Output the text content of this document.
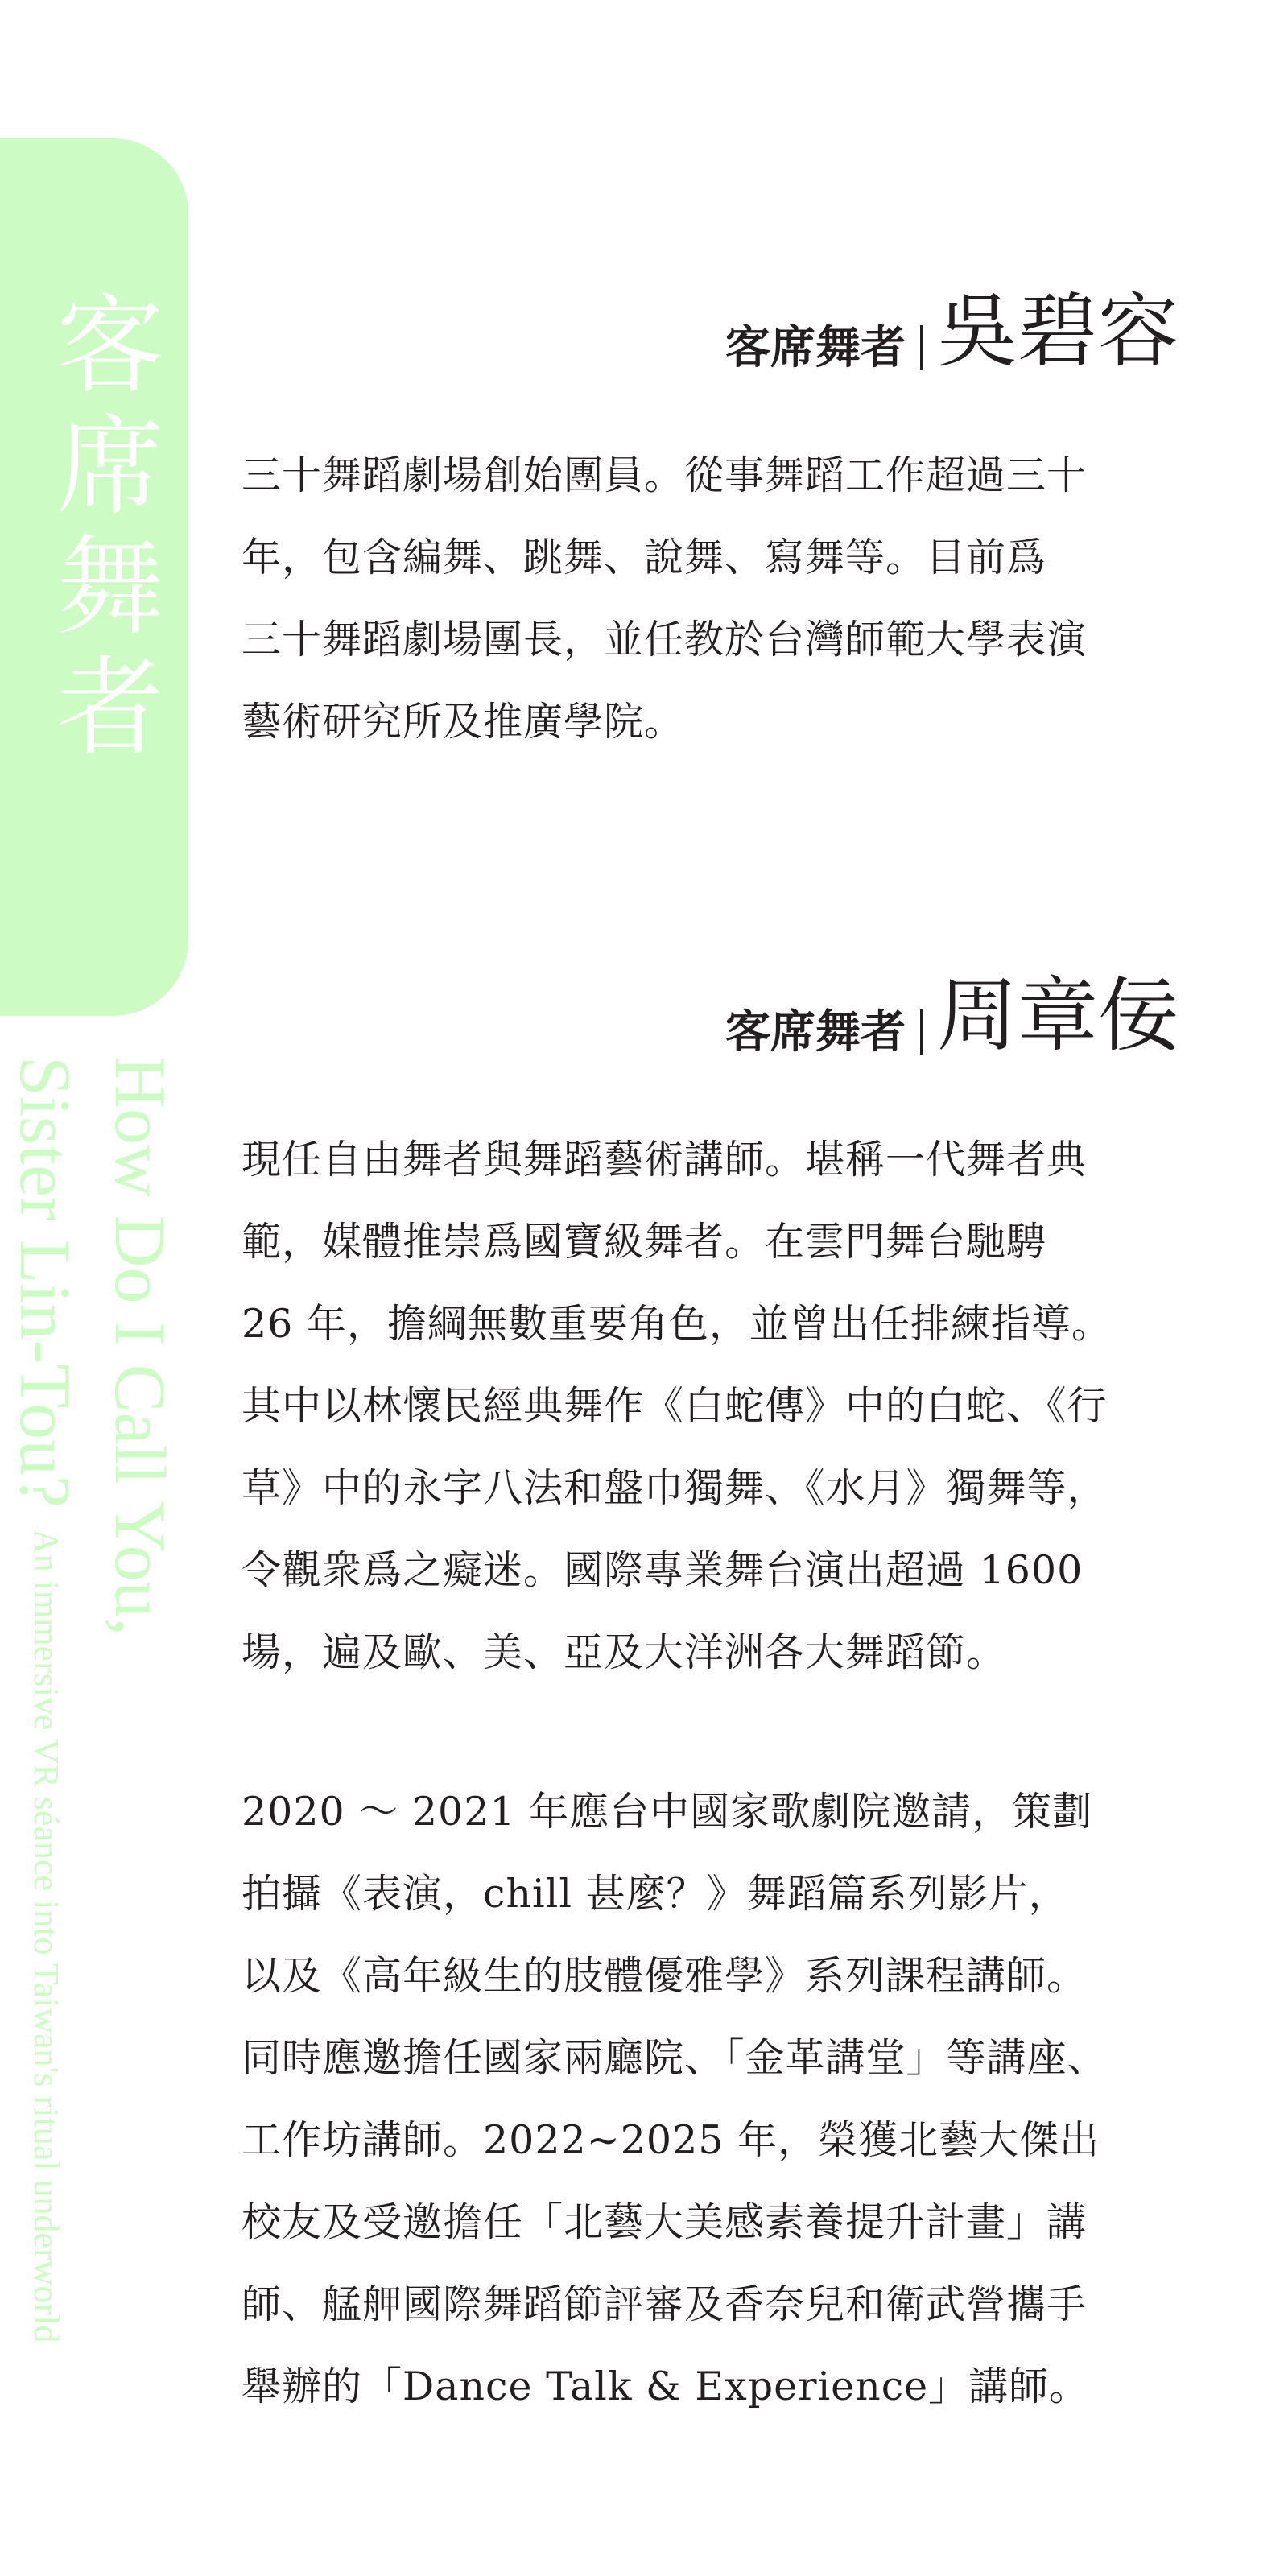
客席
舞者
How Do I Call You,
Sister Lin-Tou?
An immersive VR séance into Taiwan's ritual underworld
客席舞者 吳碧容
三十舞蹈劇場創始團員。從事舞蹈工作超過三十
年，包含編舞、跳舞、說舞、寫舞等。目前爲
三十舞蹈劇場團長，並任教於台灣師範大學表演
藝術研究所及推廣學院。
客席舞者 周章佞
現任自由舞者與舞蹈藝術講師。堪稱一代舞者典
範，媒體推崇爲國寶級舞者。在雲門舞台馳騁
26 年，擔綱無數重要角色，並曾出任排練指導。
其中以林懷民經典舞作《白蛇傳》中的白蛇、《行
草》中的永字八法和盤巾獨舞、《水月》獨舞等，
令觀衆爲之癡迷。國際專業舞台演出超過 1600
場，遍及歐、美、亞及大洋洲各大舞蹈節。
2020 ～ 2021 年應台中國家歌劇院邀請，策劃
拍攝《表演，chill 甚麼？》舞蹈篇系列影片，
以及《高年級生的肢體優雅學》系列課程講師。
同時應邀擔任國家兩廳院、「金革講堂」等講座、
工作坊講師。2022~2025 年，榮獲北藝大傑出
校友及受邀擔任「北藝大美感素養提升計畫」講
師、艋舺國際舞蹈節評審及香奈兒和衛武營攜手
舉辦的「Dance Talk & Experience」講師。
